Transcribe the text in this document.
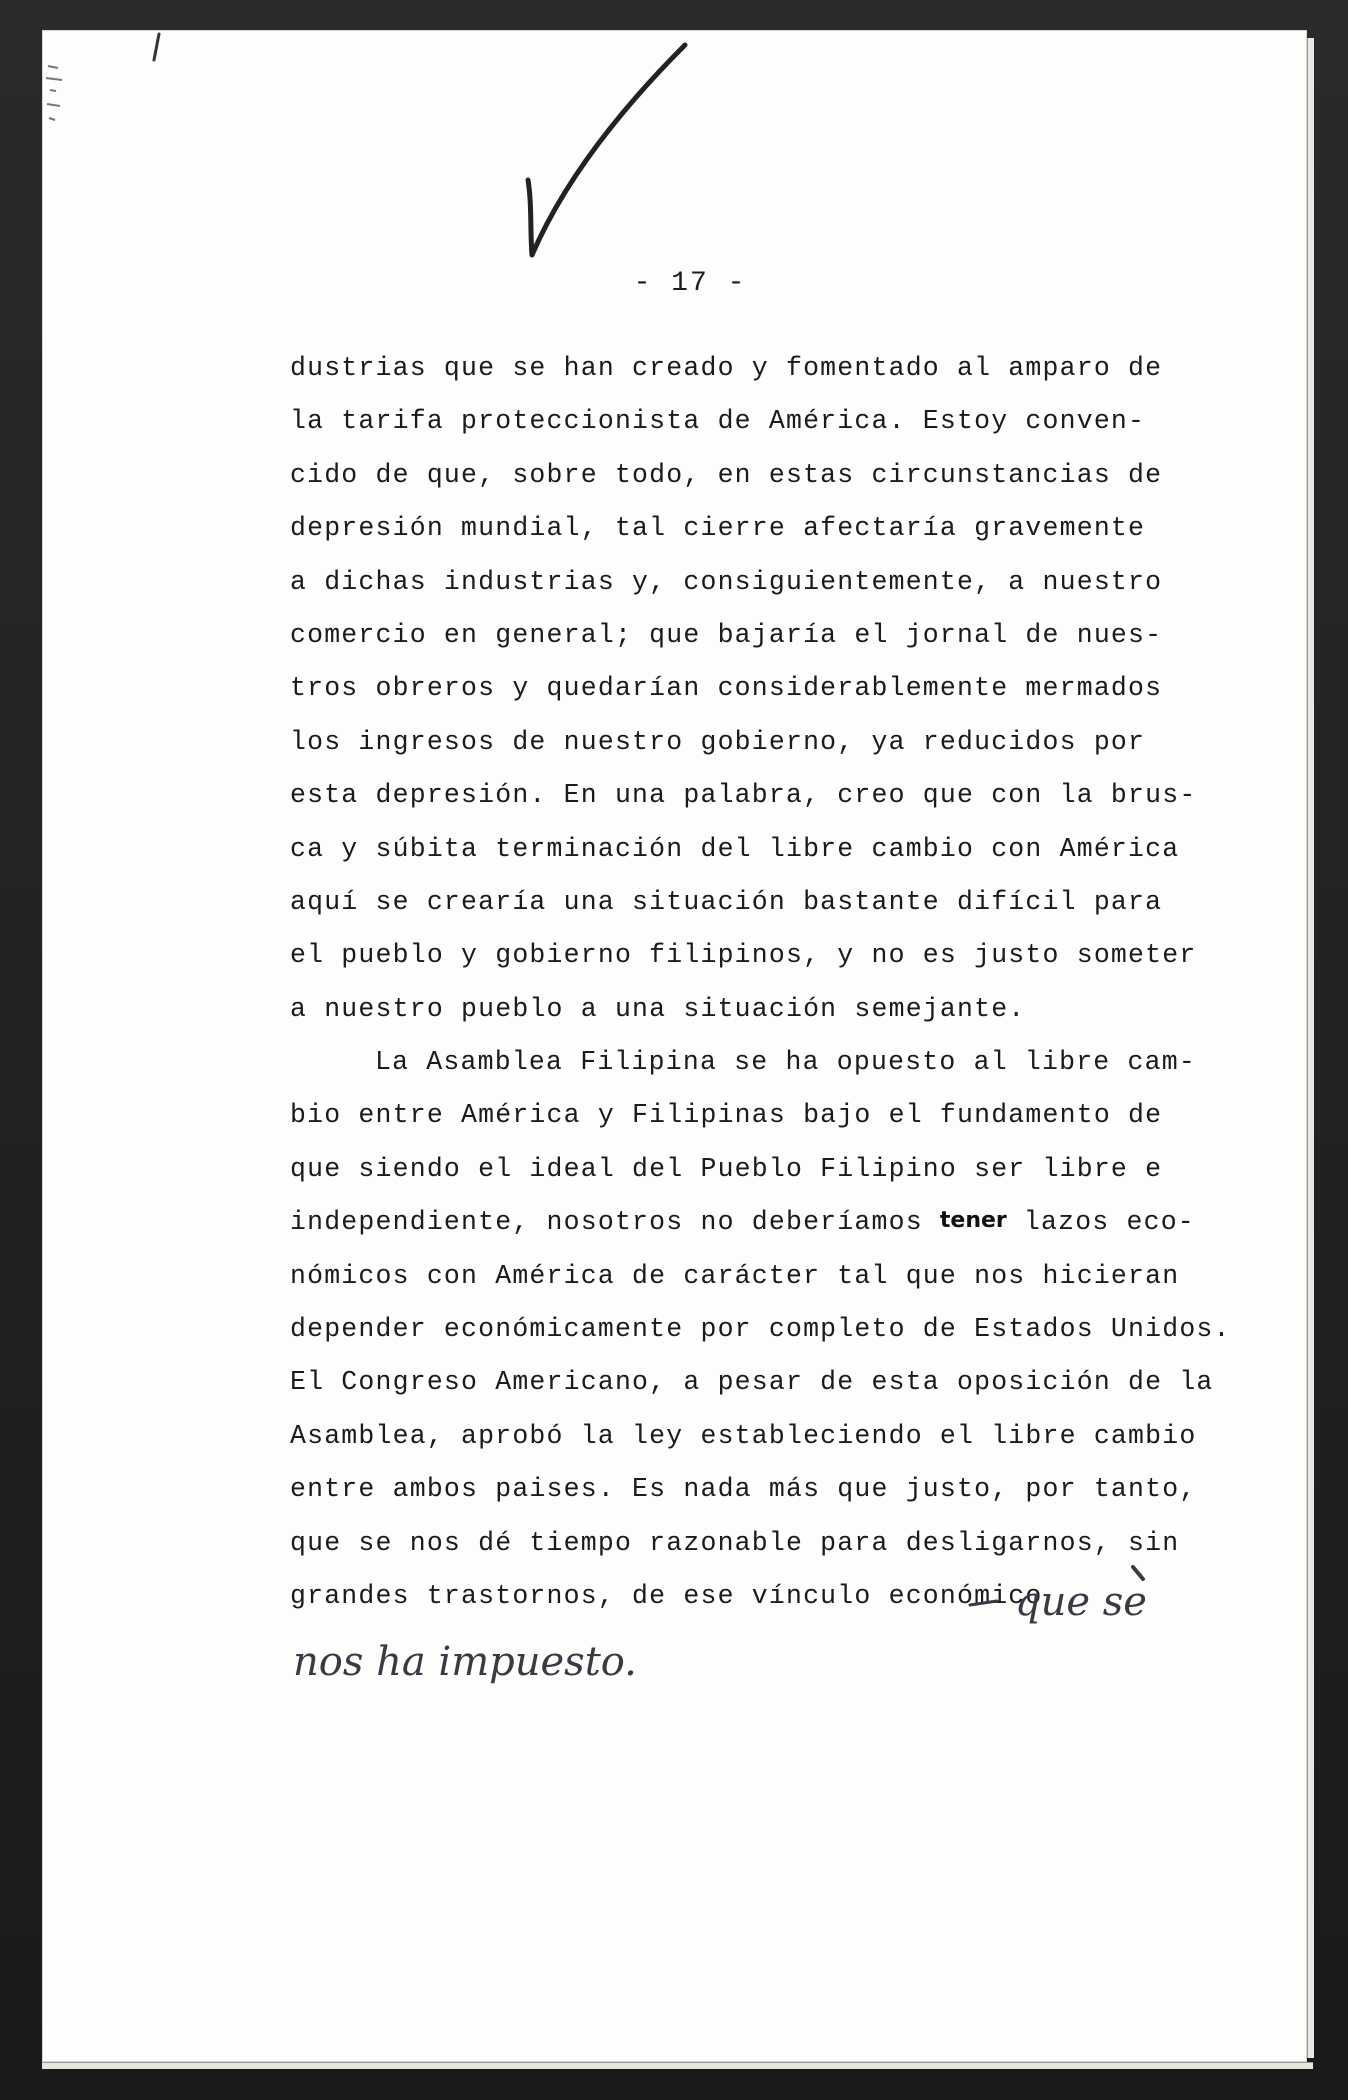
- 17 -
dustrias que se han creado y fomentado al amparo de
la tarifa proteccionista de América. Estoy conven-
cido de que, sobre todo, en estas circunstancias de
depresión mundial, tal cierre afectaría gravemente
a dichas industrias y, consiguientemente, a nuestro
comercio en general; que bajaría el jornal de nues-
tros obreros y quedarían considerablemente mermados
los ingresos de nuestro gobierno, ya reducidos por
esta depresión. En una palabra, creo que con la brus-
ca y súbita terminación del libre cambio con América
aquí se crearía una situación bastante difícil para
el pueblo y gobierno filipinos, y no es justo someter
a nuestro pueblo a una situación semejante.
La Asamblea Filipina se ha opuesto al libre cam-
bio entre América y Filipinas bajo el fundamento de
que siendo el ideal del Pueblo Filipino ser libre e
independiente, nosotros no deberíamos tener lazos eco-
nómicos con América de carácter tal que nos hicieran
depender económicamente por completo de Estados Unidos.
El Congreso Americano, a pesar de esta oposición de la
Asamblea, aprobó la ley estableciendo el libre cambio
entre ambos paises. Es nada más que justo, por tanto,
que se nos dé tiempo razonable para desligarnos, sin
grandes trastornos, de ese vínculo económico
que se
nos ha impuesto.
